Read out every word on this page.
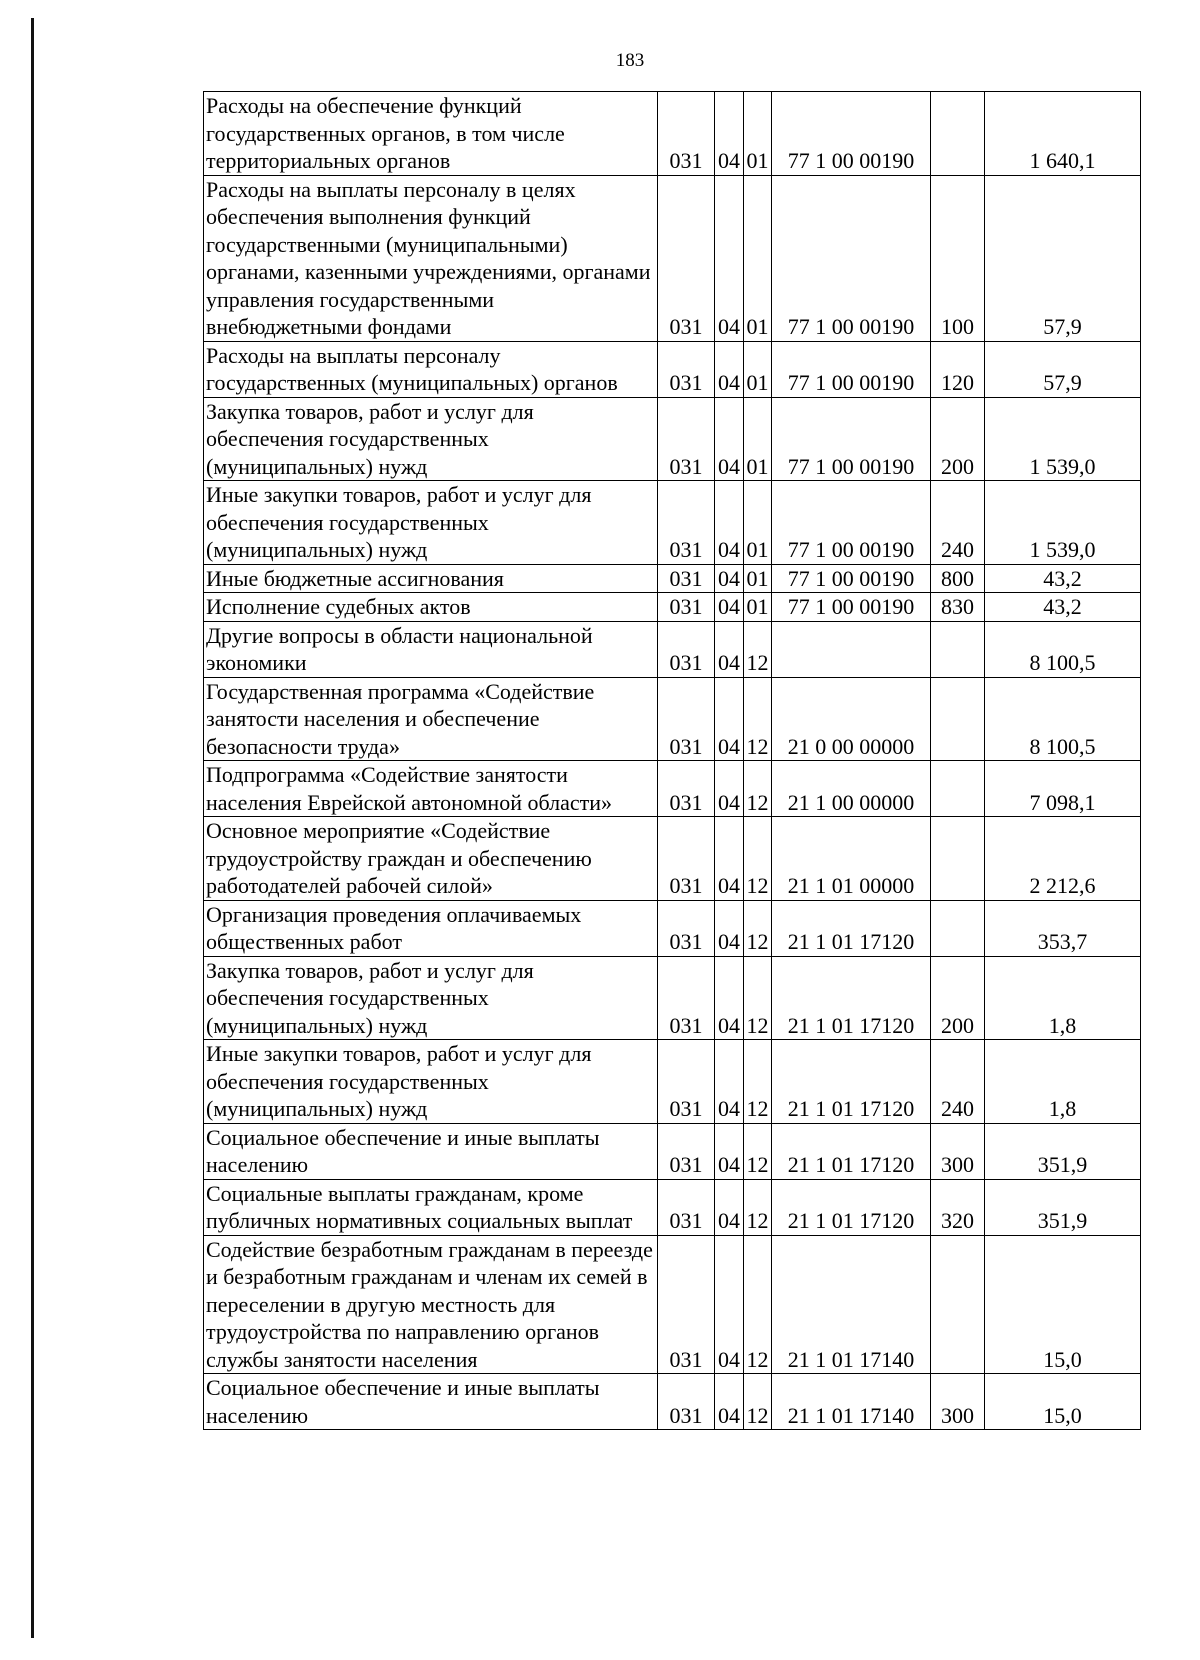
183
Расходы на обеспечение функций государственных органов, в том числе территориальных органов	031	04	01	77 1 00 00190		1 640,1
Расходы на выплаты персоналу в целях обеспечения выполнения функций государственными (муниципальными) органами, казенными учреждениями, органами управления государственными внебюджетными фондами	031	04	01	77 1 00 00190	100	57,9
Расходы на выплаты персоналу государственных (муниципальных) органов	031	04	01	77 1 00 00190	120	57,9
Закупка товаров, работ и услуг для обеспечения государственных (муниципальных) нужд	031	04	01	77 1 00 00190	200	1 539,0
Иные закупки товаров, работ и услуг для обеспечения государственных (муниципальных) нужд	031	04	01	77 1 00 00190	240	1 539,0
Иные бюджетные ассигнования	031	04	01	77 1 00 00190	800	43,2
Исполнение судебных актов	031	04	01	77 1 00 00190	830	43,2
Другие вопросы в области национальной экономики	031	04	12			8 100,5
Государственная программа «Содействие занятости населения и обеспечение безопасности труда»	031	04	12	21 0 00 00000		8 100,5
Подпрограмма «Содействие занятости населения Еврейской автономной области»	031	04	12	21 1 00 00000		7 098,1
Основное мероприятие «Содействие трудоустройству граждан и обеспечению работодателей рабочей силой»	031	04	12	21 1 01 00000		2 212,6
Организация проведения оплачиваемых общественных работ	031	04	12	21 1 01 17120		353,7
Закупка товаров, работ и услуг для обеспечения государственных (муниципальных) нужд	031	04	12	21 1 01 17120	200	1,8
Иные закупки товаров, работ и услуг для обеспечения государственных (муниципальных) нужд	031	04	12	21 1 01 17120	240	1,8
Социальное обеспечение и иные выплаты населению	031	04	12	21 1 01 17120	300	351,9
Социальные выплаты гражданам, кроме публичных нормативных социальных выплат	031	04	12	21 1 01 17120	320	351,9
Содействие безработным гражданам в переезде и безработным гражданам и членам их семей в переселении в другую местность для трудоустройства по направлению органов службы занятости населения	031	04	12	21 1 01 17140		15,0
Социальное обеспечение и иные выплаты населению	031	04	12	21 1 01 17140	300	15,0
